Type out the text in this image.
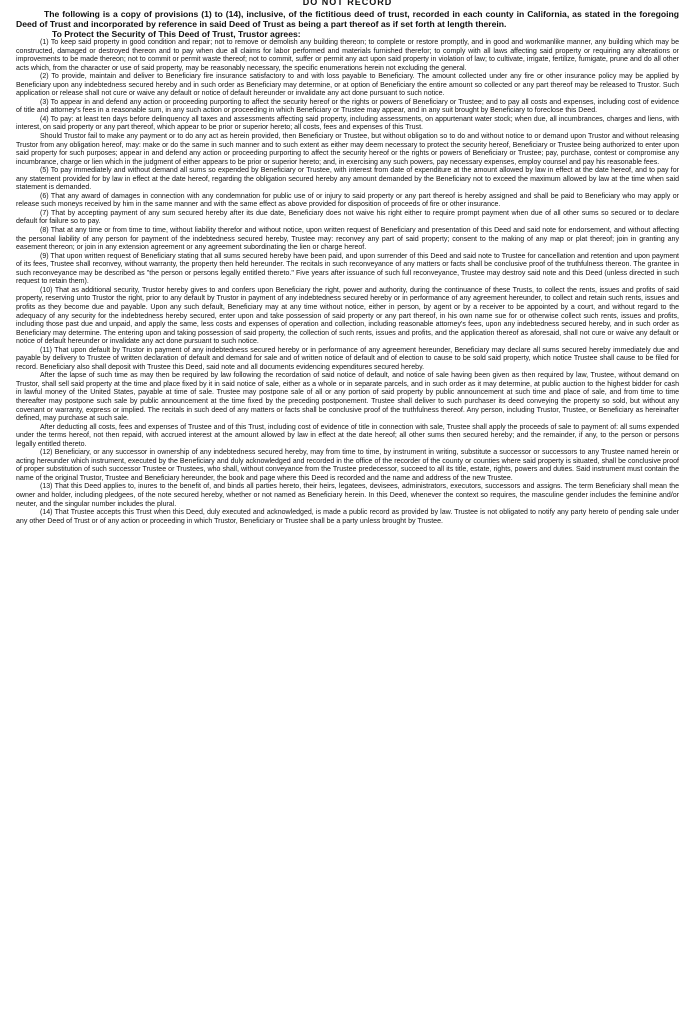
DO NOT RECORD

The following is a copy of provisions (1) to (14), inclusive, of the fictitious deed of trust, recorded in each county in California, as stated in the foregoing Deed of Trust and incorporated by reference in said Deed of Trust as being a part thereof as if set forth at length therein.

To Protect the Security of This Deed of Trust, Trustor agrees:

(1) To keep said property in good condition and repair; not to remove or demolish any building thereon; to complete or restore promptly, and in good and workmanlike manner, any building which may be constructed, damaged or destroyed thereon and to pay when due all claims for labor performed and materials furnished therefor; to comply with all laws affecting said property or requiring any alterations or improvements to be made thereon; not to commit or permit waste thereof; not to commit, suffer or permit any act upon said property in violation of law; to cultivate, irrigate, fertilize, fumigate, prune and do all other acts which, from the character or use of said property, may be reasonably necessary, the specific enumerations herein not excluding the general.

(2) To provide, maintain and deliver to Beneficiary fire insurance satisfactory to and with loss payable to Beneficiary. The amount collected under any fire or other insurance policy may be applied by Beneficiary upon any indebtedness secured hereby and in such order as Beneficiary may determine, or at option of Beneficiary the entire amount so collected or any part thereof may be released to Trustor. Such application or release shall not cure or waive any default or notice of default hereunder or invalidate any act done pursuant to such notice.

(3) To appear in and defend any action or proceeding purporting to affect the security hereof or the rights or powers of Beneficiary or Trustee; and to pay all costs and expenses, including cost of evidence of title and attorney's fees in a reasonable sum, in any such action or proceeding in which Beneficiary or Trustee may appear, and in any suit brought by Beneficiary to foreclose this Deed.

(4) To pay: at least ten days before delinquency all taxes and assessments affecting said property, including assessments, on appurtenant water stock; when due, all incumbrances, charges and liens, with interest, on said property or any part thereof, which appear to be prior or superior hereto; all costs, fees and expenses of this Trust.

Should Trustor fail to make any payment or to do any act as herein provided, then Beneficiary or Trustee, but without obligation so to do and without notice to or demand upon Trustor and without releasing Trustor from any obligation hereof, may: make or do the same in such manner and to such extent as either may deem necessary to protect the security hereof, Beneficiary or Trustee being authorized to enter upon said property for such purposes; appear in and defend any action or proceeding purporting to affect the security hereof or the rights or powers of Beneficiary or Trustee; pay, purchase, contest or compromise any incumbrance, charge or lien which in the judgment of either appears to be prior or superior hereto; and, in exercising any such powers, pay necessary expenses, employ counsel and pay his reasonable fees.

(5) To pay immediately and without demand all sums so expended by Beneficiary or Trustee, with interest from date of expenditure at the amount allowed by law in effect at the date hereof, and to pay for any statement provided for by law in effect at the date hereof, regarding the obligation secured hereby any amount demanded by the Beneficiary not to exceed the maximum allowed by law at the time when said statement is demanded.

(6) That any award of damages in connection with any condemnation for public use of or injury to said property or any part thereof is hereby assigned and shall be paid to Beneficiary who may apply or release such moneys received by him in the same manner and with the same effect as above provided for disposition of proceeds of fire or other insurance.

(7) That by accepting payment of any sum secured hereby after its due date, Beneficiary does not waive his right either to require prompt payment when due of all other sums so secured or to declare default for failure so to pay.

(8) That at any time or from time to time, without liability therefor and without notice, upon written request of Beneficiary and presentation of this Deed and said note for endorsement, and without affecting the personal liability of any person for payment of the indebtedness secured hereby, Trustee may: reconvey any part of said property; consent to the making of any map or plat thereof; join in granting any easement thereon; or join in any extension agreement or any agreement subordinating the lien or charge hereof.

(9) That upon written request of Beneficiary stating that all sums secured hereby have been paid, and upon surrender of this Deed and said note to Trustee for cancellation and retention and upon payment of its fees, Trustee shall reconvey, without warranty, the property then held hereunder. The recitals in such reconveyance of any matters or facts shall be conclusive proof of the truthfulness thereon. The grantee in such reconveyance may be described as "the person or persons legally entitled thereto." Five years after issuance of such full reconveyance, Trustee may destroy said note and this Deed (unless directed in such request to retain them).

(10) That as additional security, Trustor hereby gives to and confers upon Beneficiary the right, power and authority, during the continuance of these Trusts, to collect the rents, issues and profits of said property, reserving unto Trustor the right, prior to any default by Trustor in payment of any indebtedness secured hereby or in performance of any agreement hereunder, to collect and retain such rents, issues and profits as they become due and payable. Upon any such default, Beneficiary may at any time without notice, either in person, by agent or by a receiver to be appointed by a court, and without regard to the adequacy of any security for the indebtedness hereby secured, enter upon and take possession of said property or any part thereof, in his own name sue for or otherwise collect such rents, issues and profits, including those past due and unpaid, and apply the same, less costs and expenses of operation and collection, including reasonable attorney's fees, upon any indebtedness secured hereby, and in such order as Beneficiary may determine. The entering upon and taking possession of said property, the collection of such rents, issues and profits, and the application thereof as aforesaid, shall not cure or waive any default or notice of default hereunder or invalidate any act done pursuant to such notice.

(11) That upon default by Trustor in payment of any indebtedness secured hereby or in performance of any agreement hereunder, Beneficiary may declare all sums secured hereby immediately due and payable by delivery to Trustee of written declaration of default and demand for sale and of written notice of default and of election to cause to be sold said property, which notice Trustee shall cause to be filed for record. Beneficiary also shall deposit with Trustee this Deed, said note and all documents evidencing expenditures secured hereby.

After the lapse of such time as may then be required by law following the recordation of said notice of default, and notice of sale having been given as then required by law, Trustee, without demand on Trustor, shall sell said property at the time and place fixed by it in said notice of sale, either as a whole or in separate parcels, and in such order as it may determine, at public auction to the highest bidder for cash in lawful money of the United States, payable at time of sale. Trustee may postpone sale of all or any portion of said property by public announcement at such time and place of sale, and from time to time thereafter may postpone such sale by public announcement at the time fixed by the preceding postponement. Trustee shall deliver to such purchaser its deed conveying the property so sold, but without any covenant or warranty, express or implied. The recitals in such deed of any matters or facts shall be conclusive proof of the truthfulness thereof. Any person, including Trustor, Trustee, or Beneficiary as hereinafter defined, may purchase at such sale.

After deducting all costs, fees and expenses of Trustee and of this Trust, including cost of evidence of title in connection with sale, Trustee shall apply the proceeds of sale to payment of: all sums expended under the terms hereof, not then repaid, with accrued interest at the amount allowed by law in effect at the date hereof; all other sums then secured hereby; and the remainder, if any, to the person or persons legally entitled thereto.

(12) Beneficiary, or any successor in ownership of any indebtedness secured hereby, may from time to time, by instrument in writing, substitute a successor or successors to any Trustee named herein or acting hereunder which instrument, executed by the Beneficiary and duly acknowledged and recorded in the office of the recorder of the county or counties where said property is situated, shall be conclusive proof of proper substitution of such successor Trustee or Trustees, who shall, without conveyance from the Trustee predecessor, succeed to all its title, estate, rights, powers and duties. Said instrument must contain the name of the original Trustor, Trustee and Beneficiary hereunder, the book and page where this Deed is recorded and the name and address of the new Trustee.

(13) That this Deed applies to, inures to the benefit of, and binds all parties hereto, their heirs, legatees, devisees, administrators, executors, successors and assigns. The term Beneficiary shall mean the owner and holder, including pledgees, of the note secured hereby, whether or not named as Beneficiary herein. In this Deed, whenever the context so requires, the masculine gender includes the feminine and/or neuter, and the singular number includes the plural.

(14) That Trustee accepts this Trust when this Deed, duly executed and acknowledged, is made a public record as provided by law. Trustee is not obligated to notify any party hereto of pending sale under any other Deed of Trust or of any action or proceeding in which Trustor, Beneficiary or Trustee shall be a party unless brought by Trustee.
